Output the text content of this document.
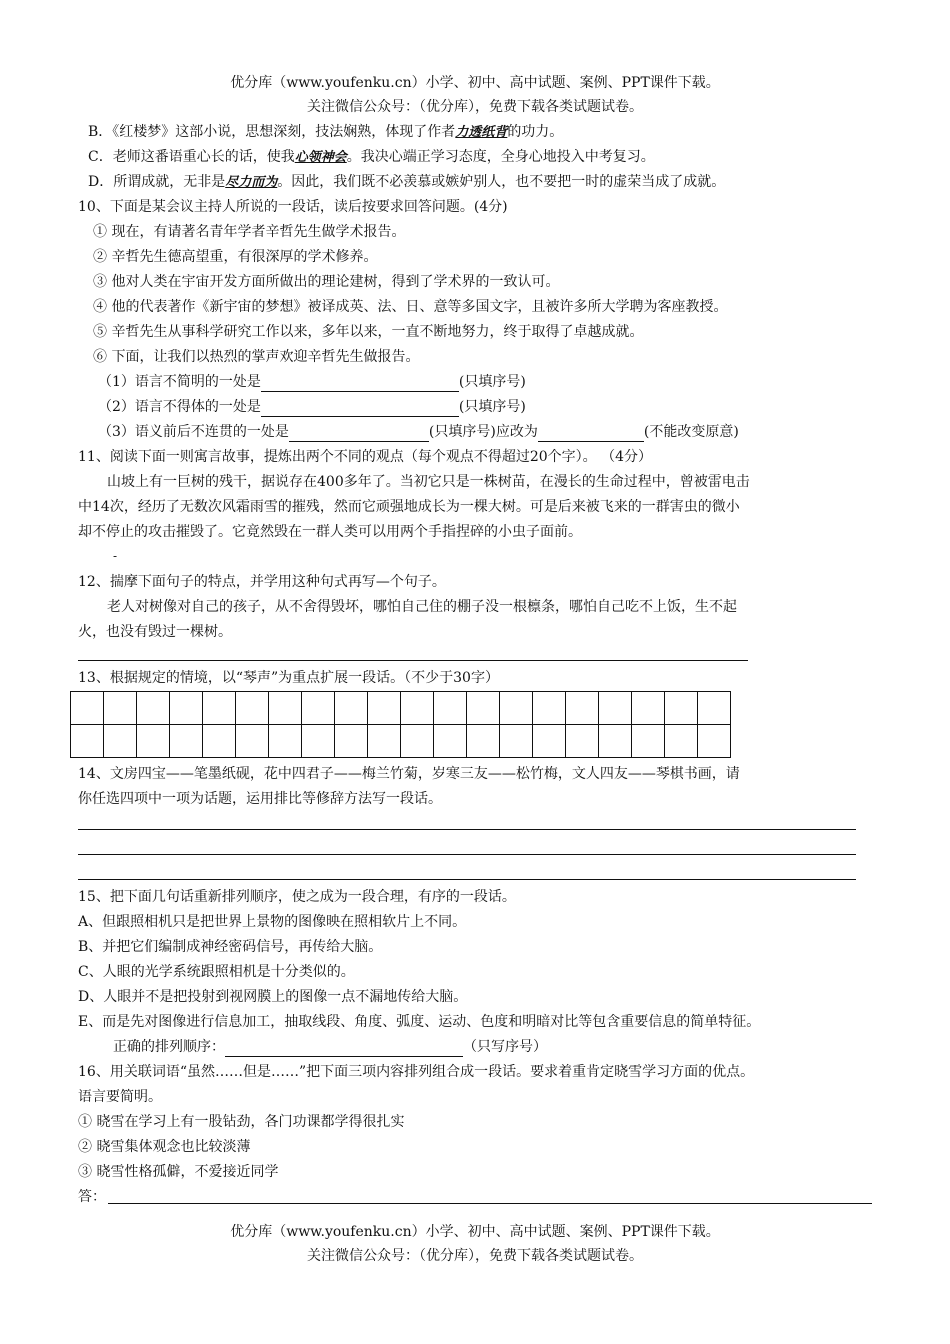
优分库（www.youfenku.cn）小学、初中、高中试题、案例、PPT课件下载。
关注微信公众号：（优分库），免费下载各类试题试卷。
B．《红楼梦》这部小说，思想深刻，技法娴熟，体现了作者力透纸背的功力。
C．老师这番语重心长的话，使我心领神会。我决心端正学习态度，全身心地投入中考复习。
D．所谓成就，无非是尽力而为。因此，我们既不必羡慕或嫉妒别人，也不要把一时的虚荣当成了成就。
10、下面是某会议主持人所说的一段话，读后按要求回答问题。(4分)
① 现在，有请著名青年学者辛哲先生做学术报告。
② 辛哲先生德高望重，有很深厚的学术修养。
③ 他对人类在宇宙开发方面所做出的理论建树，得到了学术界的一致认可。
④ 他的代表著作《新宇宙的梦想》被译成英、法、日、意等多国文字，且被许多所大学聘为客座教授。
⑤ 辛哲先生从事科学研究工作以来，多年以来，一直不断地努力，终于取得了卓越成就。
⑥ 下面，让我们以热烈的掌声欢迎辛哲先生做报告。
（1）语言不简明的一处是	(只填序号)
（2）语言不得体的一处是	(只填序号)
（3）语义前后不连贯的一处是	(只填序号)应改为	(不能改变原意)
11、阅读下面一则寓言故事，提炼出两个不同的观点（每个观点不得超过20个字）。 （4分）
山坡上有一巨树的残干，据说存在400多年了。当初它只是一株树苗，在漫长的生命过程中，曾被雷电击
中14次，经历了无数次风霜雨雪的摧残，然而它顽强地成长为一棵大树。可是后来被飞来的一群害虫的微小
却不停止的攻击摧毁了。它竟然毁在一群人类可以用两个手指捏碎的小虫子面前。
-
12、揣摩下面句子的特点，并学用这种句式再写—个句子。
老人对树像对自己的孩子，从不舍得毁坏，哪怕自己住的棚子没一根檩条，哪怕自己吃不上饭，生不起
火，也没有毁过一棵树。
13、根据规定的情境，以“琴声”为重点扩展一段话。（不少于30字）

14、文房四宝——笔墨纸砚，花中四君子——梅兰竹菊，岁寒三友——松竹梅，文人四友——琴棋书画，请
你任选四项中一项为话题，运用排比等修辞方法写一段话。
15、把下面几句话重新排列顺序，使之成为一段合理，有序的一段话。
A、但跟照相机只是把世界上景物的图像映在照相软片上不同。
B、并把它们编制成神经密码信号，再传给大脑。
C、人眼的光学系统跟照相机是十分类似的。
D、人眼并不是把投射到视网膜上的图像一点不漏地传给大脑。
E、而是先对图像进行信息加工，抽取线段、角度、弧度、运动、色度和明暗对比等包含重要信息的简单特征。
正确的排列顺序：	（只写序号）
16、用关联词语“虽然……但是……”把下面三项内容排列组合成一段话。要求着重肯定晓雪学习方面的优点。
语言要简明。
① 晓雪在学习上有一股钻劲，各门功课都学得很扎实
② 晓雪集体观念也比较淡薄
③ 晓雪性格孤僻，不爱接近同学
答：
优分库（www.youfenku.cn）小学、初中、高中试题、案例、PPT课件下载。
关注微信公众号：（优分库），免费下载各类试题试卷。
